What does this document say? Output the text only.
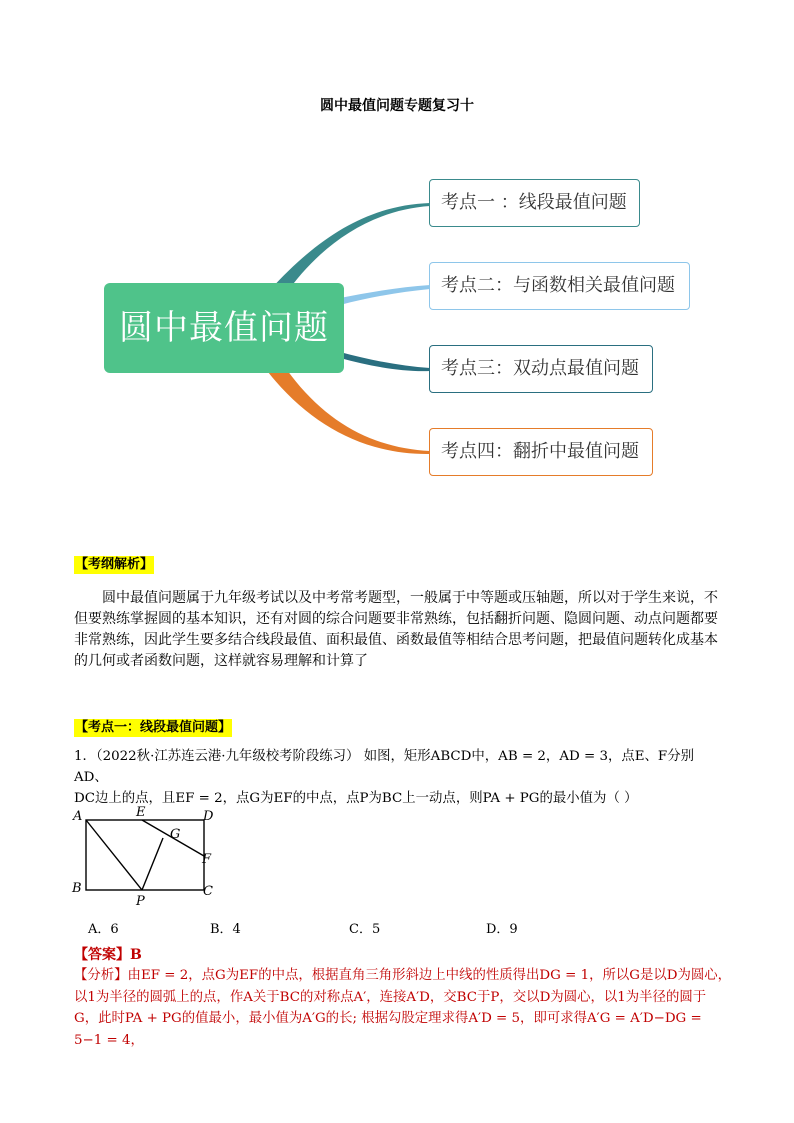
圆中最值问题专题复习十
圆中最值问题
考点一 ：线段最值问题
考点二：与函数相关最值问题
考点三：双动点最值问题
考点四：翻折中最值问题
【考纲解析】

圆中最值问题属于九年级考试以及中考常考题型，一般属于中等题或压轴题，所以对于学生来说，不

但要熟练掌握圆的基本知识，还有对圆的综合问题要非常熟练，包括翻折问题、隐圆问题、动点问题都要

非常熟练，因此学生要多结合线段最值、面积最值、函数最值等相结合思考问题，把最值问题转化成基本

的几何或者函数问题，这样就容易理解和计算了

【考点一：线段最值问题】

1．（2022秋·江苏连云港·九年级校考阶段练习） 如图，矩形ABCD中，AB = 2，AD = 3，点E、F分别AD、

DC边上的点，且EF = 2，点G为EF的中点，点P为BC上一动点，则PA + PG的最小值为（ ）

A	E
G
D
F
B
P
C
A．6	B．4	C．5	D．9
【答案】B

【分析】由EF = 2，点G为EF的中点，根据直角三角形斜边上中线的性质得出DG = 1，所以G是以D为圆心，

以1为半径的圆弧上的点，作A关于BC的对称点A′，连接A′D，交BC于P，交以D为圆心，以1为半径的圆于

G，此时PA + PG的值最小，最小值为A′G的长; 根据勾股定理求得A′D = 5，即可求得A′G = A′D−DG = 5−1 = 4，
